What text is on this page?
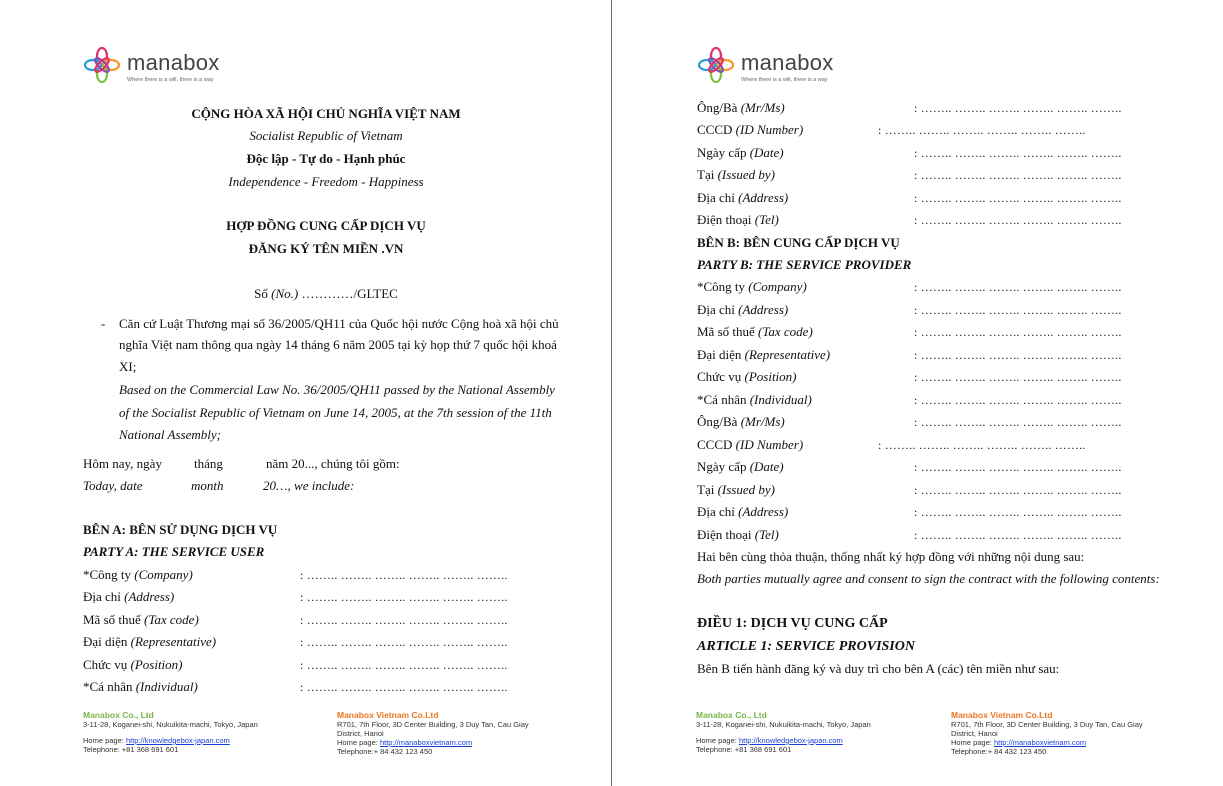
manabox
Where there is a will, there is a way
CỘNG HÒA XÃ HỘI CHỦ NGHĨA VIỆT NAM
Socialist Republic of Vietnam
Độc lập - Tự do - Hạnh phúc
Independence - Freedom - Happiness
HỢP ĐỒNG CUNG CẤP DỊCH VỤ
ĐĂNG KÝ TÊN MIỀN .VN
Số (No.) …………/GLTEC
- Căn cứ Luật Thương mại số 36/2005/QH11 của Quốc hội nước Cộng hoà xã hội chủ
nghĩa Việt nam thông qua ngày 14 tháng 6 năm 2005 tại kỳ họp thứ 7 quốc hội khoá
XI;
Based on the Commercial Law No. 36/2005/QH11 passed by the National Assembly
of the Socialist Republic of Vietnam on June 14, 2005, at the 7th session of the 11th
National Assembly;
Hôm nay, ngày tháng	năm 20..., chúng tôi gồm:
Today, date	month	20…, we include:
BÊN A: BÊN SỬ DỤNG DỊCH VỤ
PARTY A: THE SERVICE USER
*Công ty (Company)	: …….. …….. …….. …….. …….. ……..
Địa chỉ (Address)	: …….. …….. …….. …….. …….. ……..
Mã số thuế (Tax code)	: …….. …….. …….. …….. …….. ……..
Đại diện (Representative)	: …….. …….. …….. …….. …….. ……..
Chức vụ (Position)	: …….. …….. …….. …….. …….. ……..
*Cá nhân (Individual)	: …….. …….. …….. …….. …….. ……..
Manabox Co., Ltd
3-11-28, Koganei-shi, Nukuikita-machi, Tokyo, Japan
Home page: http://knowledgebox-japan.com
Telephone: +81 368 691 601
Manabox Vietnam Co.Ltd
R701, 7th Floor, 3D Center Building, 3 Duy Tan, Cau Giay
District, Hanoi
Home page: http://manaboxvietnam.com
Telephone:+ 84 432 123 450
manabox
Where there is a will, there is a way
Ông/Bà (Mr/Ms)	: …….. …….. …….. …….. …….. ……..
CCCD (ID Number)	: …….. …….. …….. …….. …….. ……..
Ngày cấp (Date)	: …….. …….. …….. …….. …….. ……..
Tại (Issued by)	: …….. …….. …….. …….. …….. ……..
Địa chỉ (Address)	: …….. …….. …….. …….. …….. ……..
Điện thoại (Tel)	: …….. …….. …….. …….. …….. ……..
BÊN B: BÊN CUNG CẤP DỊCH VỤ
PARTY B: THE SERVICE PROVIDER
*Công ty (Company)	: …….. …….. …….. …….. …….. ……..
Địa chỉ (Address)	: …….. …….. …….. …….. …….. ……..
Mã số thuế (Tax code)	: …….. …….. …….. …….. …….. ……..
Đại diện (Representative)	: …….. …….. …….. …….. …….. ……..
Chức vụ (Position)	: …….. …….. …….. …….. …….. ……..
*Cá nhân (Individual)	: …….. …….. …….. …….. …….. ……..
Ông/Bà (Mr/Ms)	: …….. …….. …….. …….. …….. ……..
CCCD (ID Number)	: …….. …….. …….. …….. …….. ……..
Ngày cấp (Date)	: …….. …….. …….. …….. …….. ……..
Tại (Issued by)	: …….. …….. …….. …….. …….. ……..
Địa chỉ (Address)	: …….. …….. …….. …….. …….. ……..
Điện thoại (Tel)	: …….. …….. …….. …….. …….. ……..
Hai bên cùng thỏa thuận, thống nhất ký hợp đồng với những nội dung sau:
Both parties mutually agree and consent to sign the contract with the following contents:
ĐIỀU 1: DỊCH VỤ CUNG CẤP
ARTICLE 1: SERVICE PROVISION
Bên B tiến hành đăng ký và duy trì cho bên A (các) tên miền như sau:
Manabox Co., Ltd
3-11-28, Koganei-shi, Nukuikita-machi, Tokyo, Japan
Home page: http://knowledgebox-japan.com
Telephone: +81 368 691 601
Manabox Vietnam Co.Ltd
R701, 7th Floor, 3D Center Building, 3 Duy Tan, Cau Giay
District, Hanoi
Home page: http://manaboxvietnam.com
Telephone:+ 84 432 123 450
